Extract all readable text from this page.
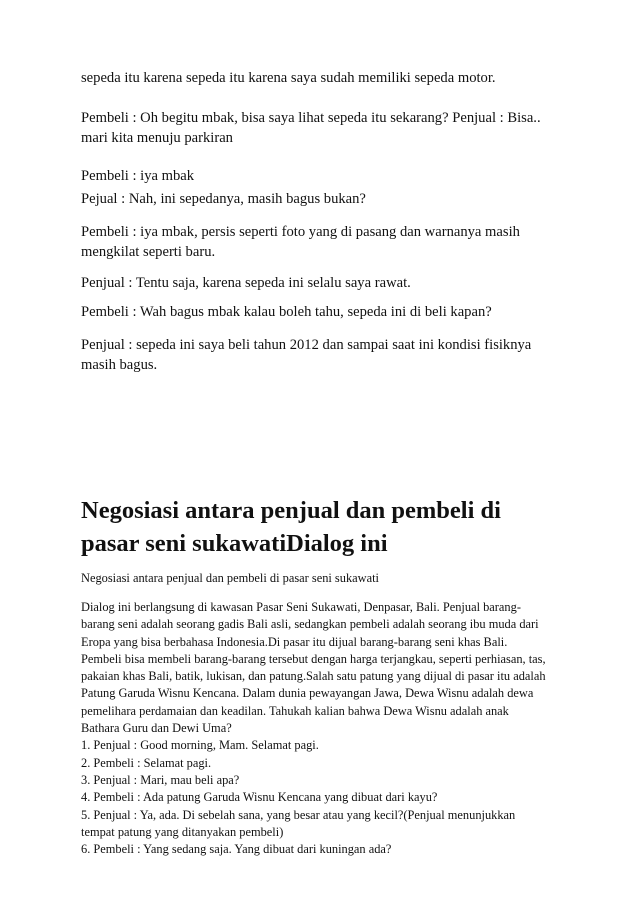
sepeda itu karena sepeda itu karena saya sudah memiliki sepeda motor.
Pembeli : Oh begitu mbak, bisa saya lihat sepeda itu sekarang? Penjual : Bisa..
mari kita menuju parkiran
Pembeli : iya mbak
Pejual : Nah, ini sepedanya, masih bagus bukan?
Pembeli : iya mbak, persis seperti foto yang di pasang dan warnanya masih
mengkilat seperti baru.
Penjual : Tentu saja, karena sepeda ini selalu saya rawat.
Pembeli : Wah bagus mbak kalau boleh tahu, sepeda ini di beli kapan?
Penjual : sepeda ini saya beli tahun 2012 dan sampai saat ini kondisi fisiknya
masih bagus.
Negosiasi antara penjual dan pembeli di
pasar seni sukawatiDialog ini
Negosiasi antara penjual dan pembeli di pasar seni sukawati
Dialog ini berlangsung di kawasan Pasar Seni Sukawati, Denpasar, Bali. Penjual barang-
barang seni adalah seorang gadis Bali asli, sedangkan pembeli adalah seorang ibu muda dari
Eropa yang bisa berbahasa Indonesia.Di pasar itu dijual barang-barang seni khas Bali.
Pembeli bisa membeli barang-barang tersebut dengan harga terjangkau, seperti perhiasan, tas,
pakaian khas Bali, batik, lukisan, dan patung.Salah satu patung yang dijual di pasar itu adalah
Patung Garuda Wisnu Kencana. Dalam dunia pewayangan Jawa, Dewa Wisnu adalah dewa
pemelihara perdamaian dan keadilan. Tahukah kalian bahwa Dewa Wisnu adalah anak
Bathara Guru dan Dewi Uma?
1. Penjual : Good morning, Mam. Selamat pagi.
2. Pembeli : Selamat pagi.
3. Penjual : Mari, mau beli apa?
4. Pembeli : Ada patung Garuda Wisnu Kencana yang dibuat dari kayu?
5. Penjual : Ya, ada. Di sebelah sana, yang besar atau yang kecil?(Penjual menunjukkan
tempat patung yang ditanyakan pembeli)
6. Pembeli : Yang sedang saja. Yang dibuat dari kuningan ada?
